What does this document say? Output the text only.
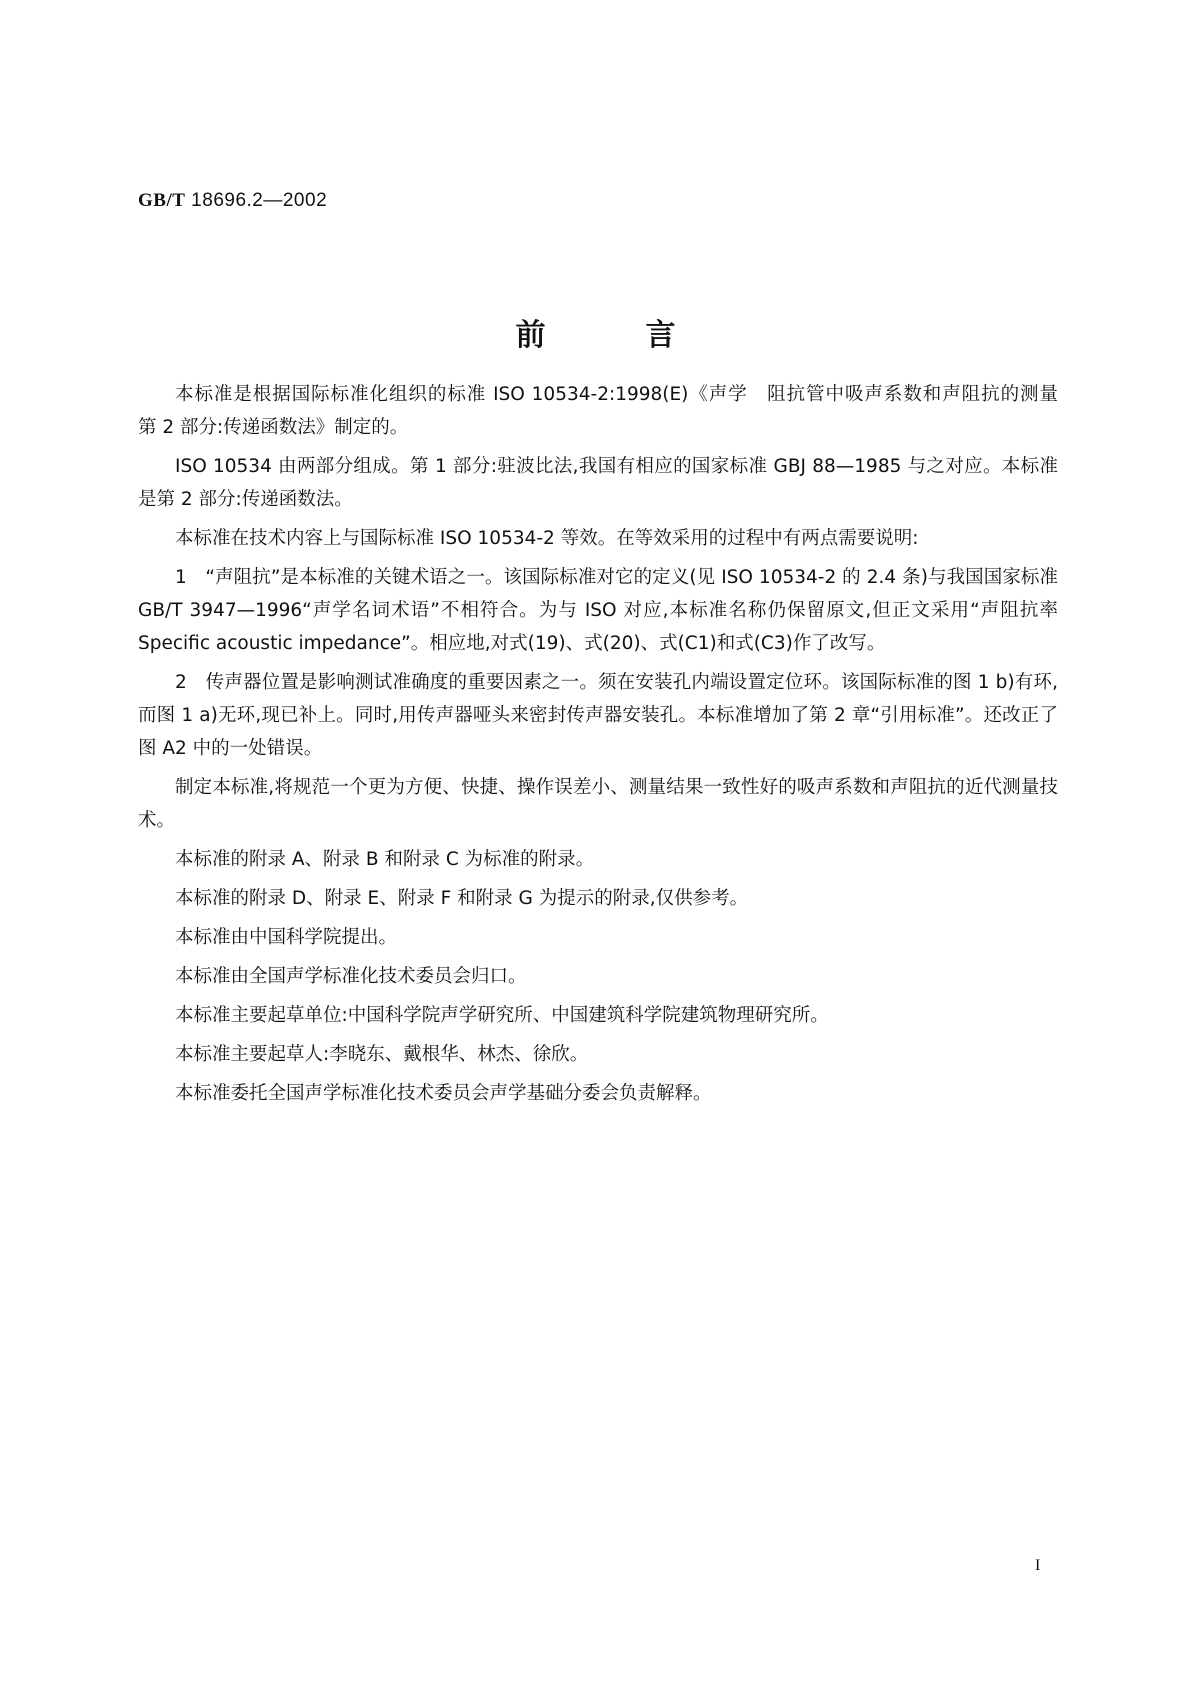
GB/T 18696.2—2002
前言

本标准是根据国际标准化组织的标准 ISO 10534-2:1998(E)《声学　阻抗管中吸声系数和声阻抗的测量　第 2 部分:传递函数法》制定的。

ISO 10534 由两部分组成。第 1 部分:驻波比法,我国有相应的国家标准 GBJ 88—1985 与之对应。本标准是第 2 部分:传递函数法。

本标准在技术内容上与国际标准 ISO 10534-2 等效。在等效采用的过程中有两点需要说明:

1　“声阻抗”是本标准的关键术语之一。该国际标准对它的定义(见 ISO 10534-2 的 2.4 条)与我国国家标准 GB/T 3947—1996“声学名词术语”不相符合。为与 ISO 对应,本标准名称仍保留原文,但正文采用“声阻抗率 Specific acoustic impedance”。相应地,对式(19)、式(20)、式(C1)和式(C3)作了改写。

2　传声器位置是影响测试准确度的重要因素之一。须在安装孔内端设置定位环。该国际标准的图 1 b)有环,而图 1 a)无环,现已补上。同时,用传声器哑头来密封传声器安装孔。本标准增加了第 2 章“引用标准”。还改正了图 A2 中的一处错误。

制定本标准,将规范一个更为方便、快捷、操作误差小、测量结果一致性好的吸声系数和声阻抗的近代测量技术。

本标准的附录 A、附录 B 和附录 C 为标准的附录。

本标准的附录 D、附录 E、附录 F 和附录 G 为提示的附录,仅供参考。

本标准由中国科学院提出。

本标准由全国声学标准化技术委员会归口。

本标准主要起草单位:中国科学院声学研究所、中国建筑科学院建筑物理研究所。

本标准主要起草人:李晓东、戴根华、林杰、徐欣。

本标准委托全国声学标准化技术委员会声学基础分委会负责解释。

I
